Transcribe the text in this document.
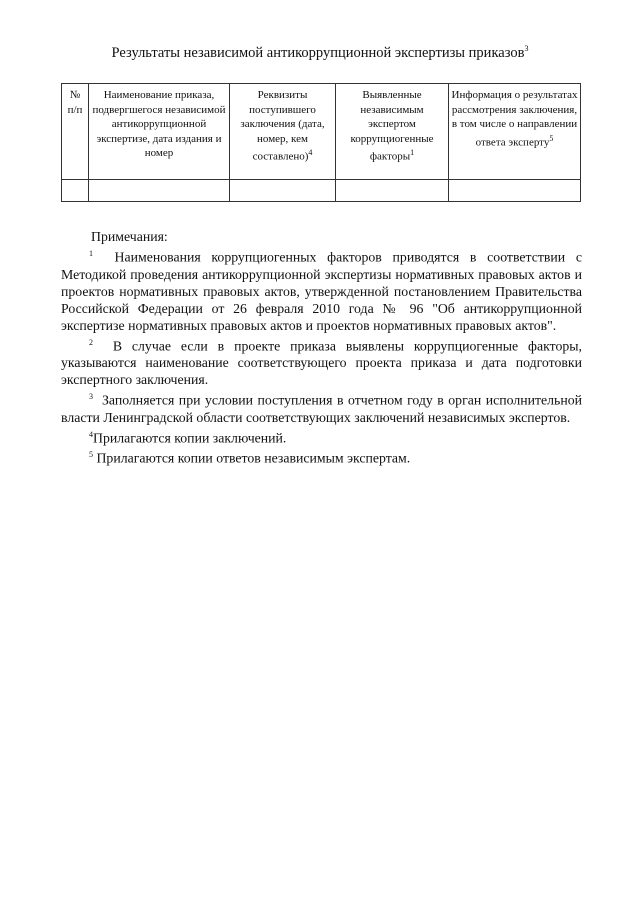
Результаты независимой антикоррупционной экспертизы приказов$^3$
№ п/п	Наименование приказа, подвергшегося независимой антикоррупционной экспертизе, дата издания и номер	Реквизиты поступившего заключения (дата, номер, кем составлено)$^4$	Выявленные независимым экспертом коррупциогенные факторы$^1$	Информация о результатах рассмотрения заключения, в том числе о направлении ответа эксперту$^5$

Примечания:

$^1$ Наименования коррупциогенных факторов приводятся в соответствии с Методикой проведения антикоррупционной экспертизы нормативных правовых актов и проектов нормативных правовых актов, утвержденной постановлением Правительства Российской Федерации от 26 февраля 2010 года № 96 "Об антикоррупционной экспертизе нормативных правовых актов и проектов нормативных правовых актов".

$^2$ В случае если в проекте приказа выявлены коррупциогенные факторы, указываются наименование соответствующего проекта приказа и дата подготовки экспертного заключения.

$^3$ Заполняется при условии поступления в отчетном году в орган исполнительной власти Ленинградской области соответствующих заключений независимых экспертов.

$^4$Прилагаются копии заключений.

$^5$ Прилагаются копии ответов независимым экспертам.
